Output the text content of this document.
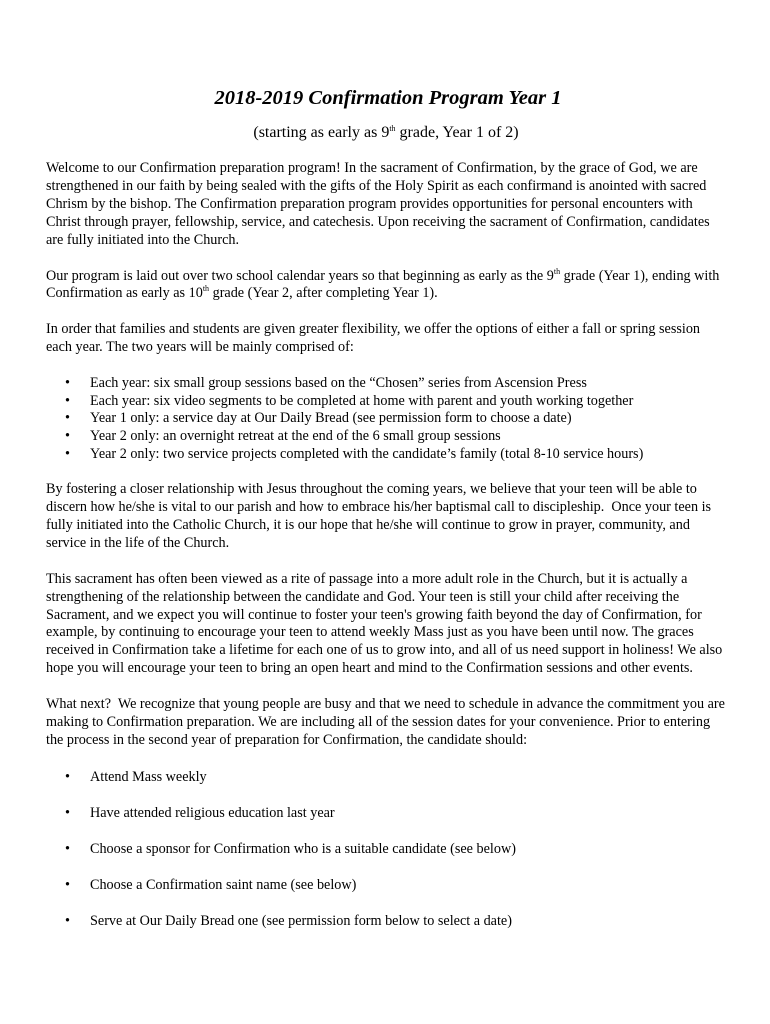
2018-2019 Confirmation Program Year 1
(starting as early as 9th grade, Year 1 of 2)

Welcome to our Confirmation preparation program! In the sacrament of Confirmation, by the grace of God, we are strengthened in our faith by being sealed with the gifts of the Holy Spirit as each confirmand is anointed with sacred Chrism by the bishop. The Confirmation preparation program provides opportunities for personal encounters with Christ through prayer, fellowship, service, and catechesis. Upon receiving the sacrament of Confirmation, candidates are fully initiated into the Church.

Our program is laid out over two school calendar years so that beginning as early as the 9th grade (Year 1), ending with Confirmation as early as 10th grade (Year 2, after completing Year 1).

In order that families and students are given greater flexibility, we offer the options of either a fall or spring session each year. The two years will be mainly comprised of:

• Each year: six small group sessions based on the “Chosen” series from Ascension Press
• Each year: six video segments to be completed at home with parent and youth working together
• Year 1 only: a service day at Our Daily Bread (see permission form to choose a date)
• Year 2 only: an overnight retreat at the end of the 6 small group sessions
• Year 2 only: two service projects completed with the candidate’s family (total 8-10 service hours)

By fostering a closer relationship with Jesus throughout the coming years, we believe that your teen will be able to discern how he/she is vital to our parish and how to embrace his/her baptismal call to discipleship.  Once your teen is fully initiated into the Catholic Church, it is our hope that he/she will continue to grow in prayer, community, and service in the life of the Church.

This sacrament has often been viewed as a rite of passage into a more adult role in the Church, but it is actually a strengthening of the relationship between the candidate and God. Your teen is still your child after receiving the Sacrament, and we expect you will continue to foster your teen's growing faith beyond the day of Confirmation, for example, by continuing to encourage your teen to attend weekly Mass just as you have been until now. The graces received in Confirmation take a lifetime for each one of us to grow into, and all of us need support in holiness! We also hope you will encourage your teen to bring an open heart and mind to the Confirmation sessions and other events.

What next?  We recognize that young people are busy and that we need to schedule in advance the commitment you are making to Confirmation preparation. We are including all of the session dates for your convenience. Prior to entering the process in the second year of preparation for Confirmation, the candidate should:

• Attend Mass weekly
• Have attended religious education last year
• Choose a sponsor for Confirmation who is a suitable candidate (see below)
• Choose a Confirmation saint name (see below)
• Serve at Our Daily Bread one (see permission form below to select a date)
